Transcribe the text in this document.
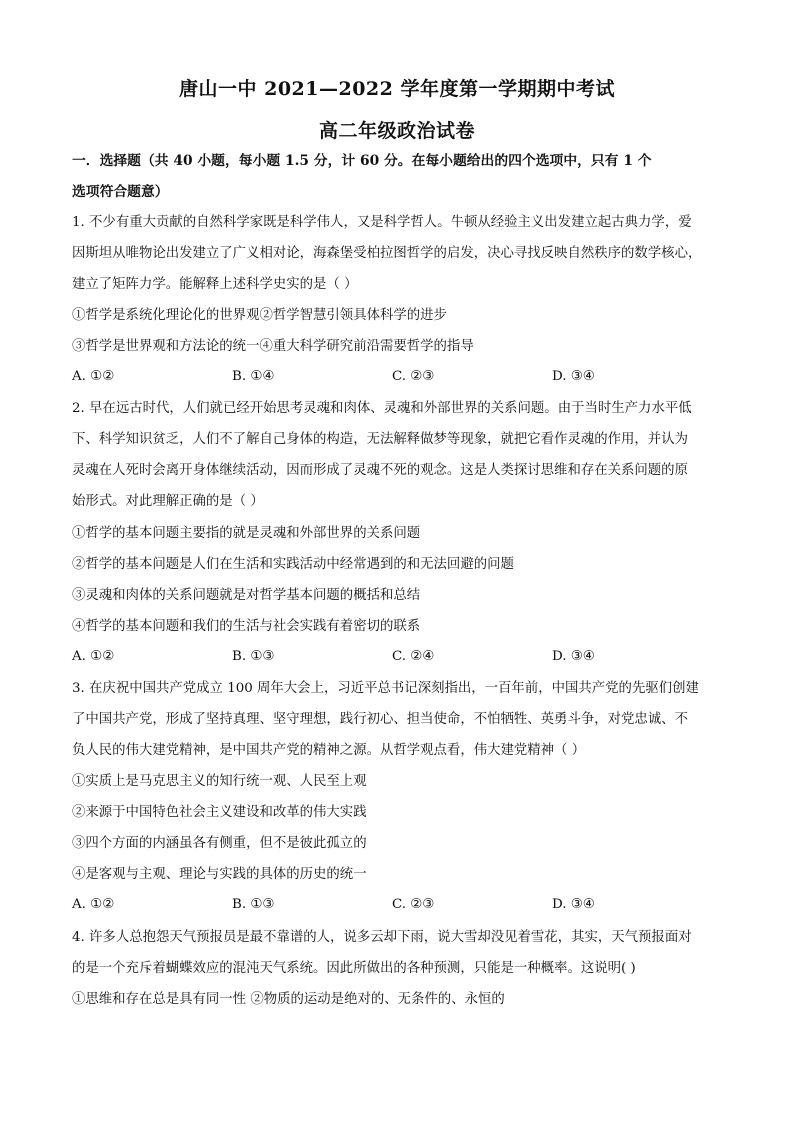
唐山一中 2021—2022 学年度第一学期期中考试
高二年级政治试卷
一．选择题（共 40 小题，每小题 1.5 分，计 60 分。在每小题给出的四个选项中，只有 1 个
选项符合题意）
1. 不少有重大贡献的自然科学家既是科学伟人，又是科学哲人。牛顿从经验主义出发建立起古典力学，爱
因斯坦从唯物论出发建立了广义相对论，海森堡受柏拉图哲学的启发，决心寻找反映自然秩序的数学核心，
建立了矩阵力学。能解释上述科学史实的是（ ）
①哲学是系统化理论化的世界观②哲学智慧引领具体科学的进步
③哲学是世界观和方法论的统一④重大科学研究前沿需要哲学的指导
A. ①②	B. ①④	C. ②③	D. ③④
2. 早在远古时代，人们就已经开始思考灵魂和肉体、灵魂和外部世界的关系问题。由于当时生产力水平低
下、科学知识贫乏，人们不了解自己身体的构造，无法解释做梦等现象，就把它看作灵魂的作用，并认为
灵魂在人死时会离开身体继续活动，因而形成了灵魂不死的观念。这是人类探讨思维和存在关系问题的原
始形式。对此理解正确的是（ ）
①哲学的基本问题主要指的就是灵魂和外部世界的关系问题
②哲学的基本问题是人们在生活和实践活动中经常遇到的和无法回避的问题
③灵魂和肉体的关系问题就是对哲学基本问题的概括和总结
④哲学的基本问题和我们的生活与社会实践有着密切的联系
A. ①②	B. ①③	C. ②④	D. ③④
3. 在庆祝中国共产党成立 100 周年大会上，习近平总书记深刻指出，一百年前，中国共产党的先驱们创建
了中国共产党，形成了坚持真理、坚守理想，践行初心、担当使命，不怕牺牲、英勇斗争，对党忠诚、不
负人民的伟大建党精神，是中国共产党的精神之源。从哲学观点看，伟大建党精神（ ）
①实质上是马克思主义的知行统一观、人民至上观
②来源于中国特色社会主义建设和改革的伟大实践
③四个方面的内涵虽各有侧重，但不是彼此孤立的
④是客观与主观、理论与实践的具体的历史的统一
A. ①②	B. ①③	C. ②③	D. ③④
4. 许多人总抱怨天气预报员是最不靠谱的人，说多云却下雨，说大雪却没见着雪花，其实，天气预报面对
的是一个充斥着蝴蝶效应的混沌天气系统。因此所做出的各种预测，只能是一种概率。这说明( )
①思维和存在总是具有同一性 ②物质的运动是绝对的、无条件的、永恒的
